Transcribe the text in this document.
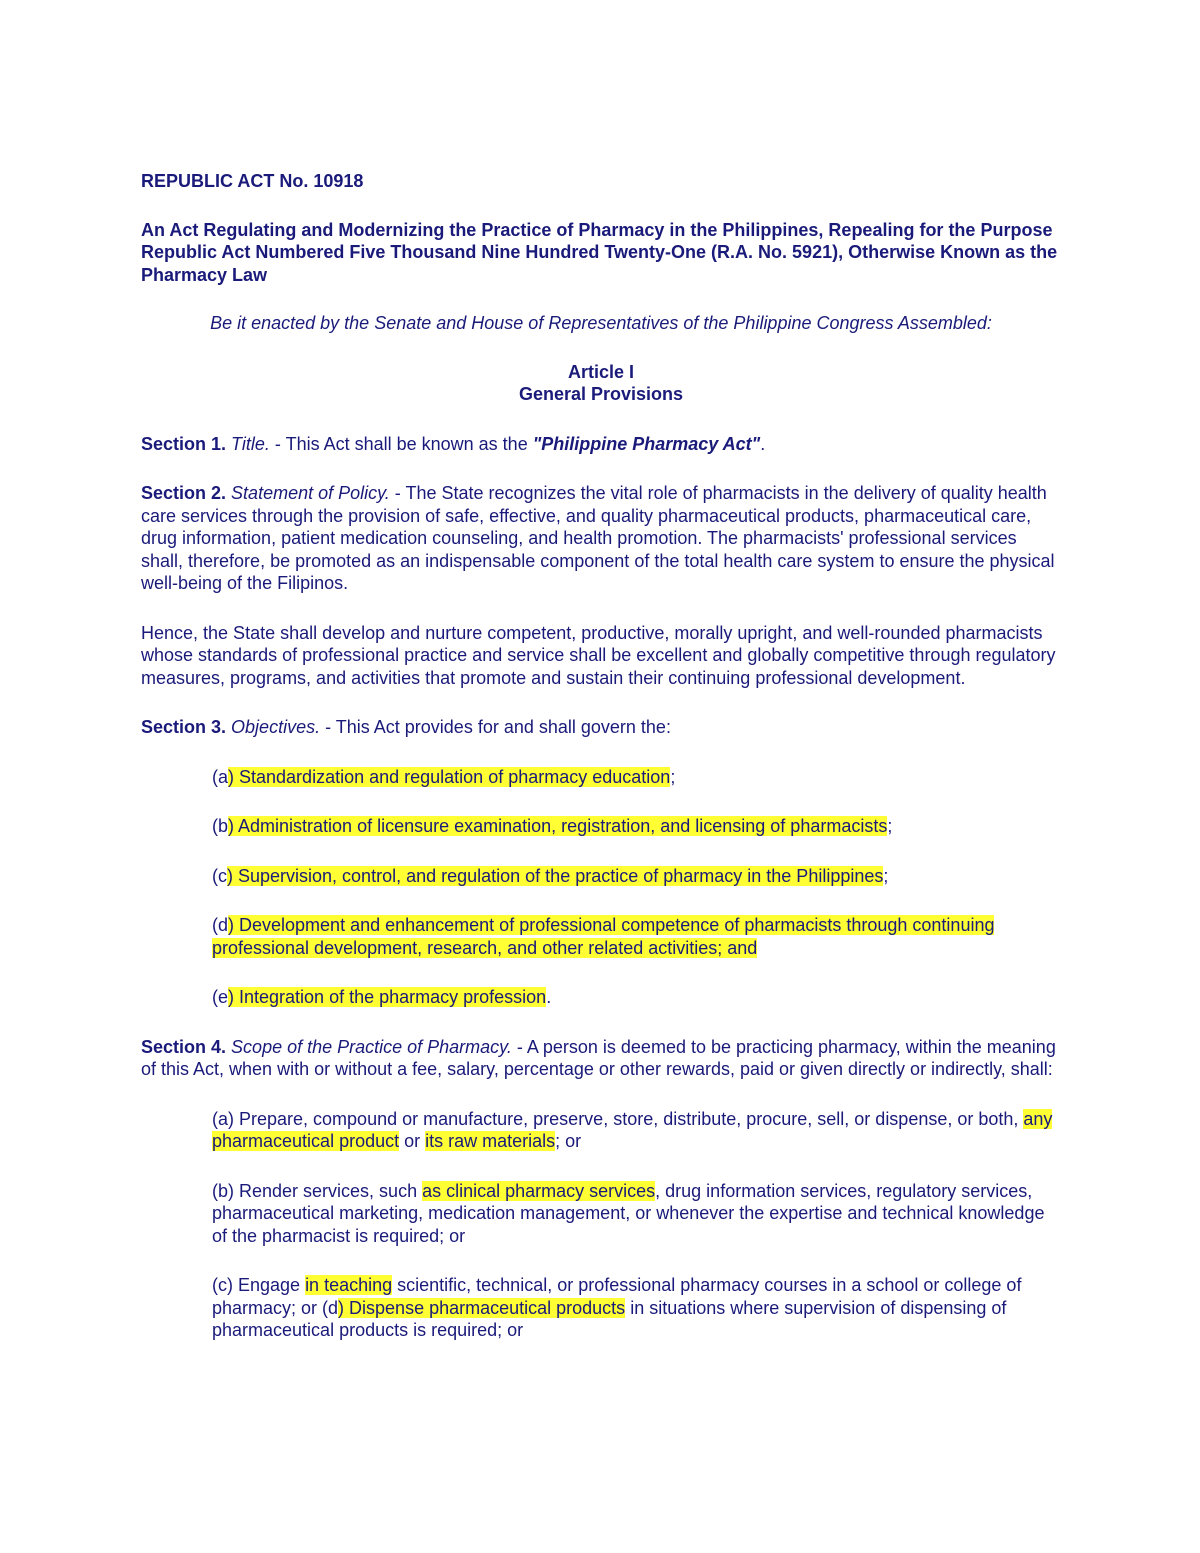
REPUBLIC ACT No. 10918

An Act Regulating and Modernizing the Practice of Pharmacy in the Philippines, Repealing for the Purpose Republic Act Numbered Five Thousand Nine Hundred Twenty-One (R.A. No. 5921), Otherwise Known as the Pharmacy Law

Be it enacted by the Senate and House of Representatives of the Philippine Congress Assembled:

Article I
General Provisions

Section 1. Title. - This Act shall be known as the "Philippine Pharmacy Act".

Section 2. Statement of Policy. - The State recognizes the vital role of pharmacists in the delivery of quality health care services through the provision of safe, effective, and quality pharmaceutical products, pharmaceutical care, drug information, patient medication counseling, and health promotion. The pharmacists' professional services shall, therefore, be promoted as an indispensable component of the total health care system to ensure the physical well-being of the Filipinos.

Hence, the State shall develop and nurture competent, productive, morally upright, and well-rounded pharmacists whose standards of professional practice and service shall be excellent and globally competitive through regulatory measures, programs, and activities that promote and sustain their continuing professional development.

Section 3. Objectives. - This Act provides for and shall govern the:

(a) Standardization and regulation of pharmacy education;

(b) Administration of licensure examination, registration, and licensing of pharmacists;

(c) Supervision, control, and regulation of the practice of pharmacy in the Philippines;

(d) Development and enhancement of professional competence of pharmacists through continuing professional development, research, and other related activities; and

(e) Integration of the pharmacy profession.

Section 4. Scope of the Practice of Pharmacy. - A person is deemed to be practicing pharmacy, within the meaning of this Act, when with or without a fee, salary, percentage or other rewards, paid or given directly or indirectly, shall:

(a) Prepare, compound or manufacture, preserve, store, distribute, procure, sell, or dispense, or both, any pharmaceutical product or its raw materials; or

(b) Render services, such as clinical pharmacy services, drug information services, regulatory services, pharmaceutical marketing, medication management, or whenever the expertise and technical knowledge of the pharmacist is required; or

(c) Engage in teaching scientific, technical, or professional pharmacy courses in a school or college of pharmacy; or (d) Dispense pharmaceutical products in situations where supervision of dispensing of pharmaceutical products is required; or
